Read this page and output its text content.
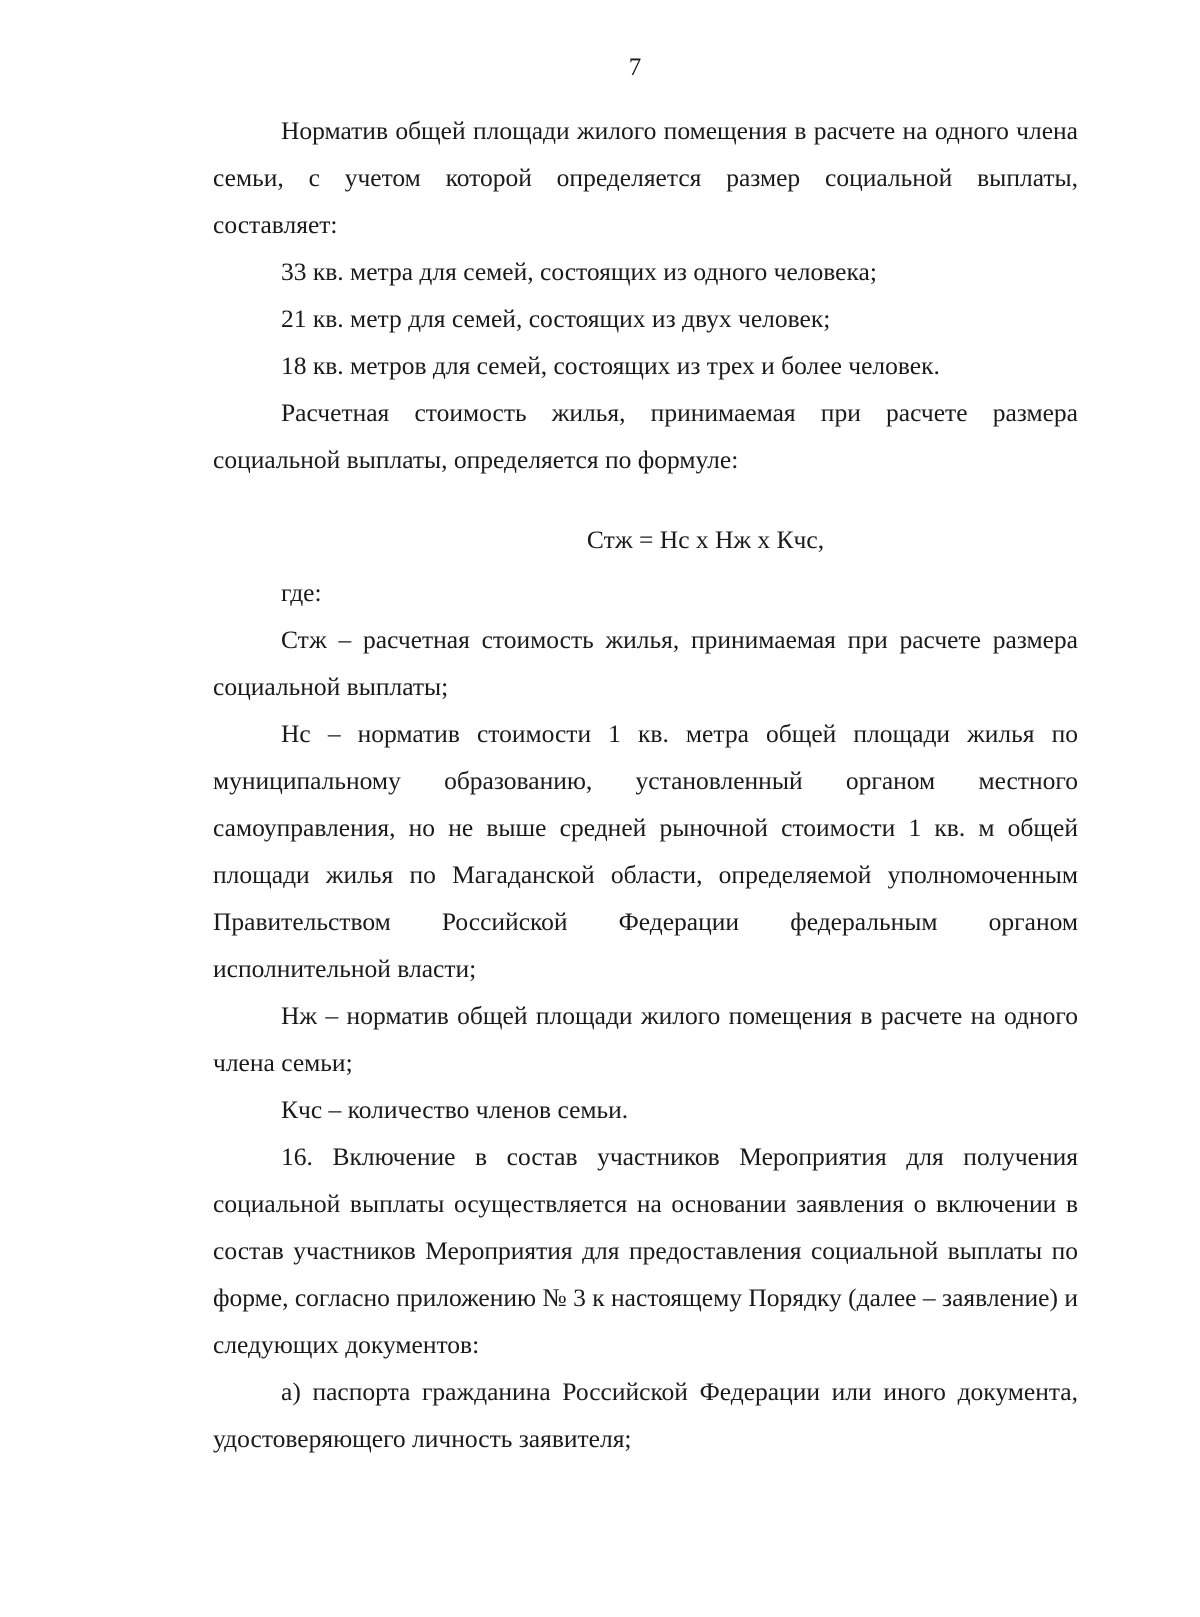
7

Норматив общей площади жилого помещения в расчете на одного члена семьи, с учетом которой определяется размер социальной выплаты, составляет:

33 кв. метра для семей, состоящих из одного человека;

21 кв. метр для семей, состоящих из двух человек;

18 кв. метров для семей, состоящих из трех и более человек.

Расчетная стоимость жилья, принимаемая при расчете размера социальной выплаты, определяется по формуле:

Стж = Нс х Нж х Кчс,

где:

Стж – расчетная стоимость жилья, принимаемая при расчете размера социальной выплаты;

Нс – норматив стоимости 1 кв. метра общей площади жилья по муниципальному образованию, установленный органом местного самоуправления, но не выше средней рыночной стоимости 1 кв. м общей площади жилья по Магаданской области, определяемой уполномоченным Правительством Российской Федерации федеральным органом исполнительной власти;

Нж – норматив общей площади жилого помещения в расчете на одного члена семьи;

Кчс – количество членов семьи.

16. Включение в состав участников Мероприятия для получения социальной выплаты осуществляется на основании заявления о включении в состав участников Мероприятия для предоставления социальной выплаты по форме, согласно приложению № 3 к настоящему Порядку (далее – заявление) и следующих документов:

а) паспорта гражданина Российской Федерации или иного документа, удостоверяющего личность заявителя;
